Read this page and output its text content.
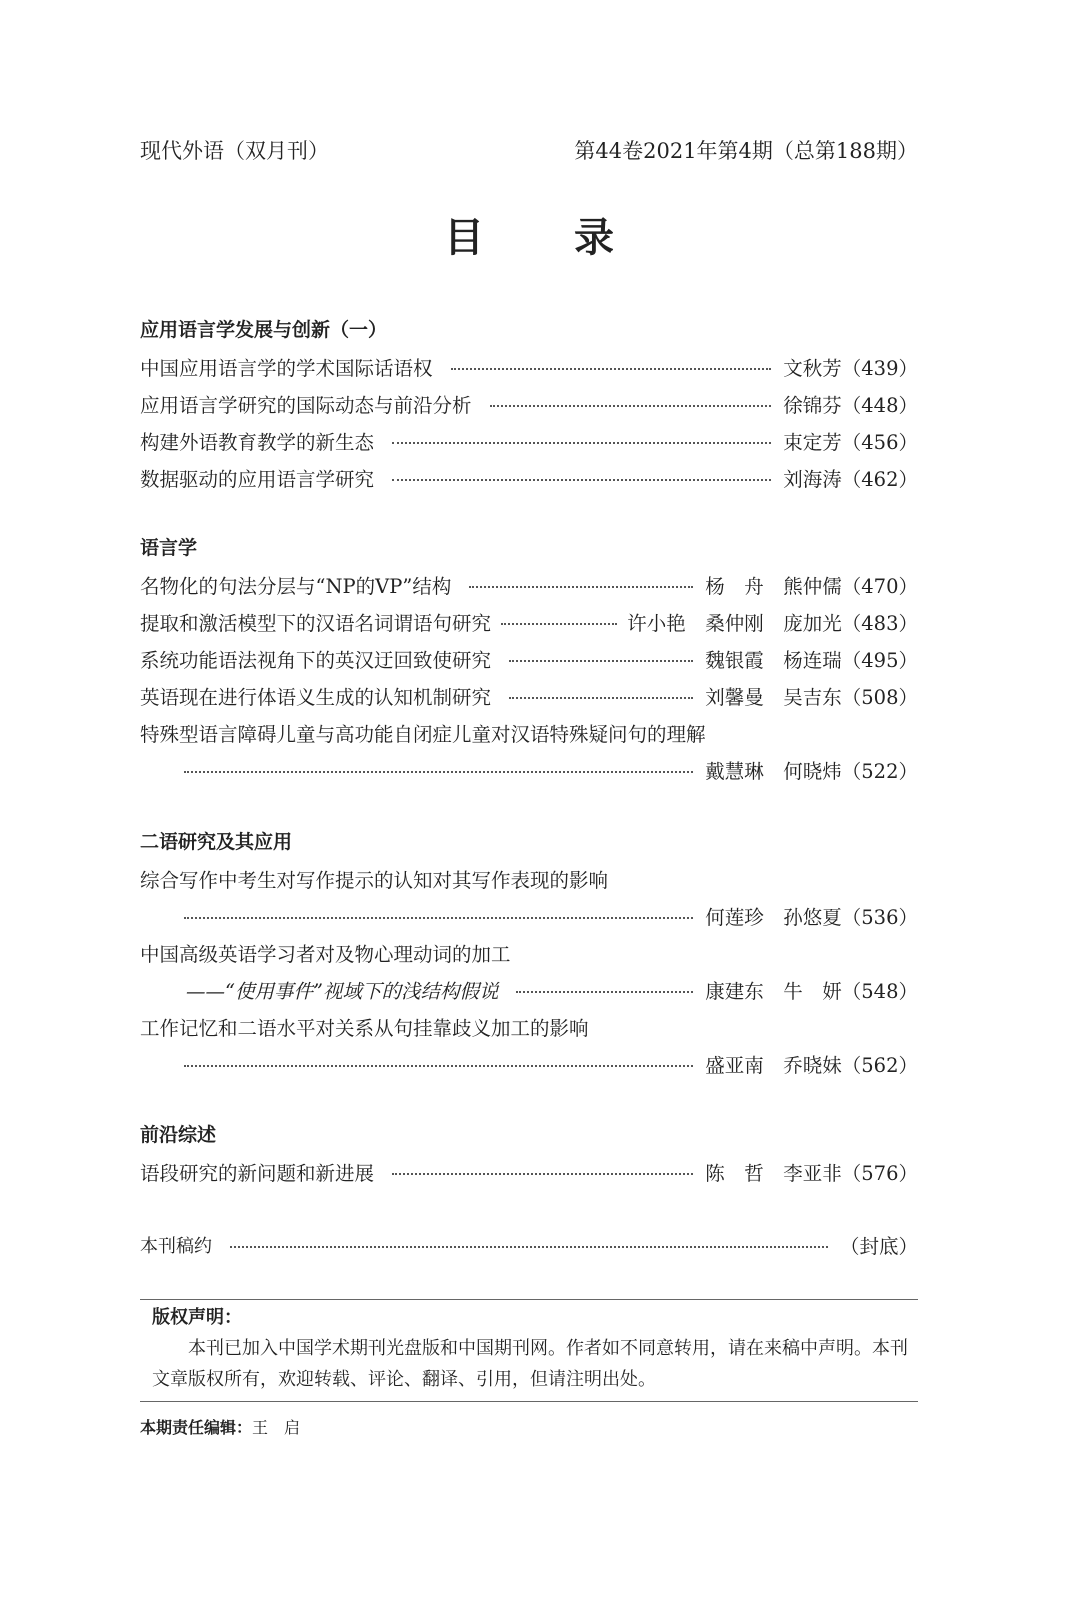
现代外语（双月刊）	第44卷2021年第4期（总第188期）
目录
应用语言学发展与创新（一）
中国应用语言学的学术国际话语权	文秋芳 （439）
应用语言学研究的国际动态与前沿分析	徐锦芬 （448）
构建外语教育教学的新生态	束定芳 （456）
数据驱动的应用语言学研究	刘海涛 （462）
语言学
名物化的句法分层与“NP的VP”结构	杨　舟　熊仲儒 （470）
提取和激活模型下的汉语名词谓语句研究	许小艳　桑仲刚　庞加光 （483）
系统功能语法视角下的英汉迂回致使研究	魏银霞　杨连瑞 （495）
英语现在进行体语义生成的认知机制研究	刘馨曼　吴吉东 （508）
特殊型语言障碍儿童与高功能自闭症儿童对汉语特殊疑问句的理解
戴慧琳　何晓炜 （522）
二语研究及其应用
综合写作中考生对写作提示的认知对其写作表现的影响
何莲珍　孙悠夏 （536）
中国高级英语学习者对及物心理动词的加工
——“使用事件”视域下的浅结构假说	康建东　牛　妍 （548）
工作记忆和二语水平对关系从句挂靠歧义加工的影响
盛亚南　乔晓妹 （562）
前沿综述
语段研究的新问题和新进展	陈　哲　李亚非 （576）
本刊稿约	（封底）
版权声明：
本刊已加入中国学术期刊光盘版和中国期刊网。作者如不同意转用，请在来稿中声明。本刊文章版权所有，欢迎转载、评论、翻译、引用，但请注明出处。
本期责任编辑：王　启
